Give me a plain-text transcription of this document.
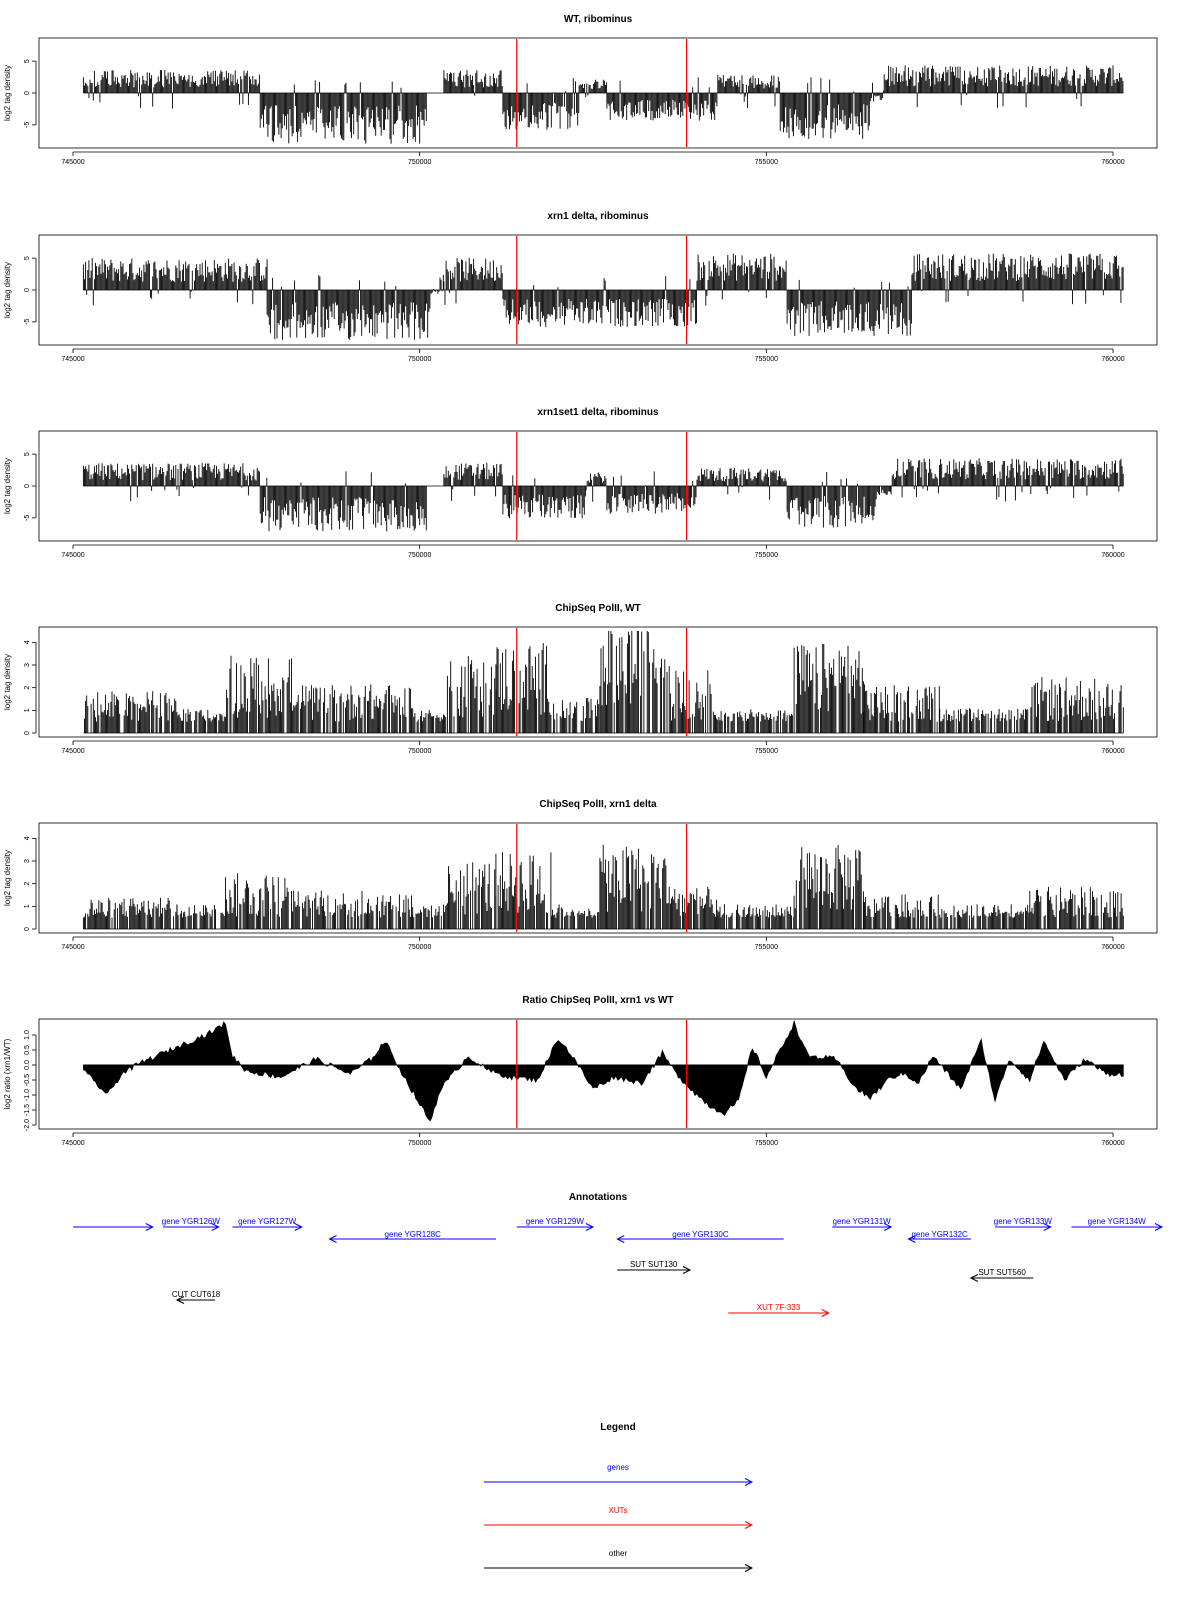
WT, ribominus
745000	750000	755000	760000
-5
0
5
log2 tag density
xrn1 delta, ribominus
745000	750000	755000	760000
-5
0
5
log2 tag density
xrn1set1 delta, ribominus
745000	750000	755000	760000
-5
0
5
log2 tag density
ChipSeq PolII, WT
745000	750000	755000	760000
0
1
2
3
4
log2 tag density
ChipSeq PolII, xrn1 delta
745000	750000	755000	760000
0
1
2
3
4
log2 tag density
Ratio ChipSeq PolII, xrn1 vs WT
745000	750000	755000	760000
-2.0
-1.5
-1.0
-0.5
0.0
0.5
1.0
log2 ratio (xrn1/WT)
Annotations
gene YGR126W gene YGR127W
gene YGR128C
gene YGR129W
gene YGR130C
gene YGR131W
gene YGR132C
gene YGR133W	gene YGR134W
SUT SUT130
SUT SUT560
CUT CUT618
XUT 7F-333
Legend
genes
XUTs
other
